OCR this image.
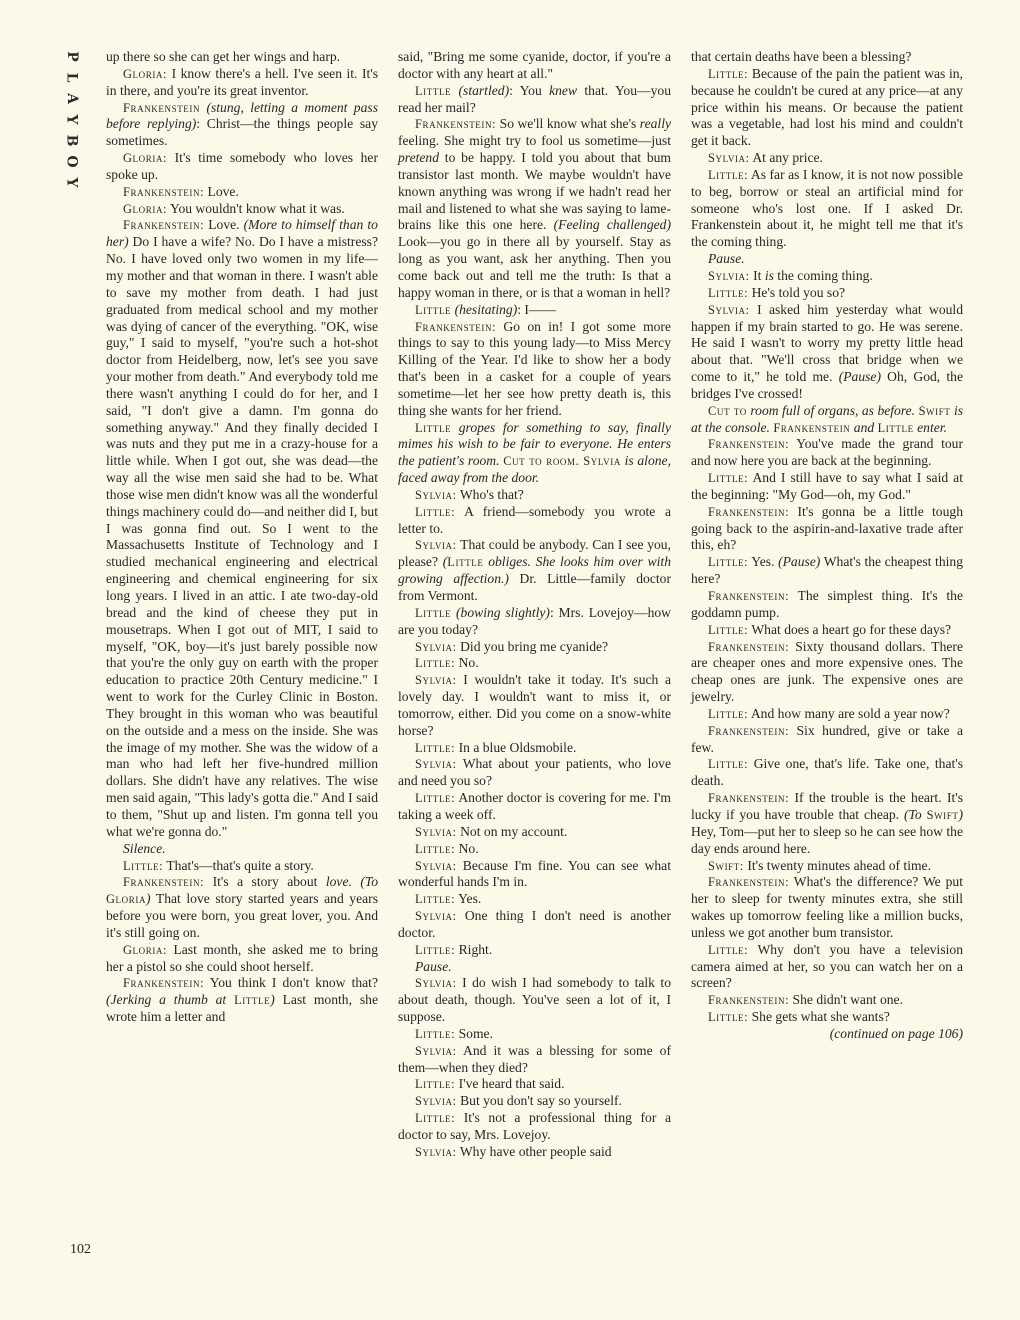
P
L
A
Y
B
O
Y
102

up there so she can get her wings and harp.

Gloria: I know there's a hell. I've seen it. It's in there, and you're its great inventor.

Frankenstein (stung, letting a moment pass before replying): Christ—the things people say sometimes.

Gloria: It's time somebody who loves her spoke up.

Frankenstein: Love.

Gloria: You wouldn't know what it was.

Frankenstein: Love. (More to himself than to her) Do I have a wife? No. Do I have a mistress? No. I have loved only two women in my life—my mother and that woman in there. I wasn't able to save my mother from death. I had just graduated from medical school and my mother was dying of cancer of the everything. "OK, wise guy," I said to myself, "you're such a hot-shot doctor from Heidelberg, now, let's see you save your mother from death." And everybody told me there wasn't anything I could do for her, and I said, "I don't give a damn. I'm gonna do something anyway." And they finally decided I was nuts and they put me in a crazy-house for a little while. When I got out, she was dead—the way all the wise men said she had to be. What those wise men didn't know was all the wonderful things machinery could do—and neither did I, but I was gonna find out. So I went to the Massachusetts Institute of Technology and I studied mechanical engineering and electrical engineering and chemical engineering for six long years. I lived in an attic. I ate two-day-old bread and the kind of cheese they put in mousetraps. When I got out of MIT, I said to myself, "OK, boy—it's just barely possible now that you're the only guy on earth with the proper education to practice 20th Century medicine." I went to work for the Curley Clinic in Boston. They brought in this woman who was beautiful on the outside and a mess on the inside. She was the image of my mother. She was the widow of a man who had left her five-hundred million dollars. She didn't have any relatives. The wise men said again, "This lady's gotta die." And I said to them, "Shut up and listen. I'm gonna tell you what we're gonna do."

Silence.

Little: That's—that's quite a story.

Frankenstein: It's a story about love. (To Gloria) That love story started years and years before you were born, you great lover, you. And it's still going on.

Gloria: Last month, she asked me to bring her a pistol so she could shoot herself.

Frankenstein: You think I don't know that? (Jerking a thumb at Little) Last month, she wrote him a letter and

said, "Bring me some cyanide, doctor, if you're a doctor with any heart at all."

Little (startled): You knew that. You—you read her mail?

Frankenstein: So we'll know what she's really feeling. She might try to fool us sometime—just pretend to be happy. I told you about that bum transistor last month. We maybe wouldn't have known anything was wrong if we hadn't read her mail and listened to what she was saying to lame-brains like this one here. (Feeling challenged) Look—you go in there all by yourself. Stay as long as you want, ask her anything. Then you come back out and tell me the truth: Is that a happy woman in there, or is that a woman in hell?

Little (hesitating): I——

Frankenstein: Go on in! I got some more things to say to this young lady—to Miss Mercy Killing of the Year. I'd like to show her a body that's been in a casket for a couple of years sometime—let her see how pretty death is, this thing she wants for her friend.

Little gropes for something to say, finally mimes his wish to be fair to everyone. He enters the patient's room. Cut to room. Sylvia is alone, faced away from the door.

Sylvia: Who's that?

Little: A friend—somebody you wrote a letter to.

Sylvia: That could be anybody. Can I see you, please? (Little obliges. She looks him over with growing affection.) Dr. Little—family doctor from Vermont.

Little (bowing slightly): Mrs. Lovejoy—how are you today?

Sylvia: Did you bring me cyanide?

Little: No.

Sylvia: I wouldn't take it today. It's such a lovely day. I wouldn't want to miss it, or tomorrow, either. Did you come on a snow-white horse?

Little: In a blue Oldsmobile.

Sylvia: What about your patients, who love and need you so?

Little: Another doctor is covering for me. I'm taking a week off.

Sylvia: Not on my account.

Little: No.

Sylvia: Because I'm fine. You can see what wonderful hands I'm in.

Little: Yes.

Sylvia: One thing I don't need is another doctor.

Little: Right.

Pause.

Sylvia: I do wish I had somebody to talk to about death, though. You've seen a lot of it, I suppose.

Little: Some.

Sylvia: And it was a blessing for some of them—when they died?

Little: I've heard that said.

Sylvia: But you don't say so yourself.

Little: It's not a professional thing for a doctor to say, Mrs. Lovejoy.

Sylvia: Why have other people said

that certain deaths have been a blessing?

Little: Because of the pain the patient was in, because he couldn't be cured at any price—at any price within his means. Or because the patient was a vegetable, had lost his mind and couldn't get it back.

Sylvia: At any price.

Little: As far as I know, it is not now possible to beg, borrow or steal an artificial mind for someone who's lost one. If I asked Dr. Frankenstein about it, he might tell me that it's the coming thing.

Pause.

Sylvia: It is the coming thing.

Little: He's told you so?

Sylvia: I asked him yesterday what would happen if my brain started to go. He was serene. He said I wasn't to worry my pretty little head about that. "We'll cross that bridge when we come to it," he told me. (Pause) Oh, God, the bridges I've crossed!

Cut to room full of organs, as before. Swift is at the console. Frankenstein and Little enter.

Frankenstein: You've made the grand tour and now here you are back at the beginning.

Little: And I still have to say what I said at the beginning: "My God—oh, my God."

Frankenstein: It's gonna be a little tough going back to the aspirin-and-laxative trade after this, eh?

Little: Yes. (Pause) What's the cheapest thing here?

Frankenstein: The simplest thing. It's the goddamn pump.

Little: What does a heart go for these days?

Frankenstein: Sixty thousand dollars. There are cheaper ones and more expensive ones. The cheap ones are junk. The expensive ones are jewelry.

Little: And how many are sold a year now?

Frankenstein: Six hundred, give or take a few.

Little: Give one, that's life. Take one, that's death.

Frankenstein: If the trouble is the heart. It's lucky if you have trouble that cheap. (To Swift) Hey, Tom—put her to sleep so he can see how the day ends around here.

Swift: It's twenty minutes ahead of time.

Frankenstein: What's the difference? We put her to sleep for twenty minutes extra, she still wakes up tomorrow feeling like a million bucks, unless we got another bum transistor.

Little: Why don't you have a television camera aimed at her, so you can watch her on a screen?

Frankenstein: She didn't want one.

Little: She gets what she wants?

(continued on page 106)
